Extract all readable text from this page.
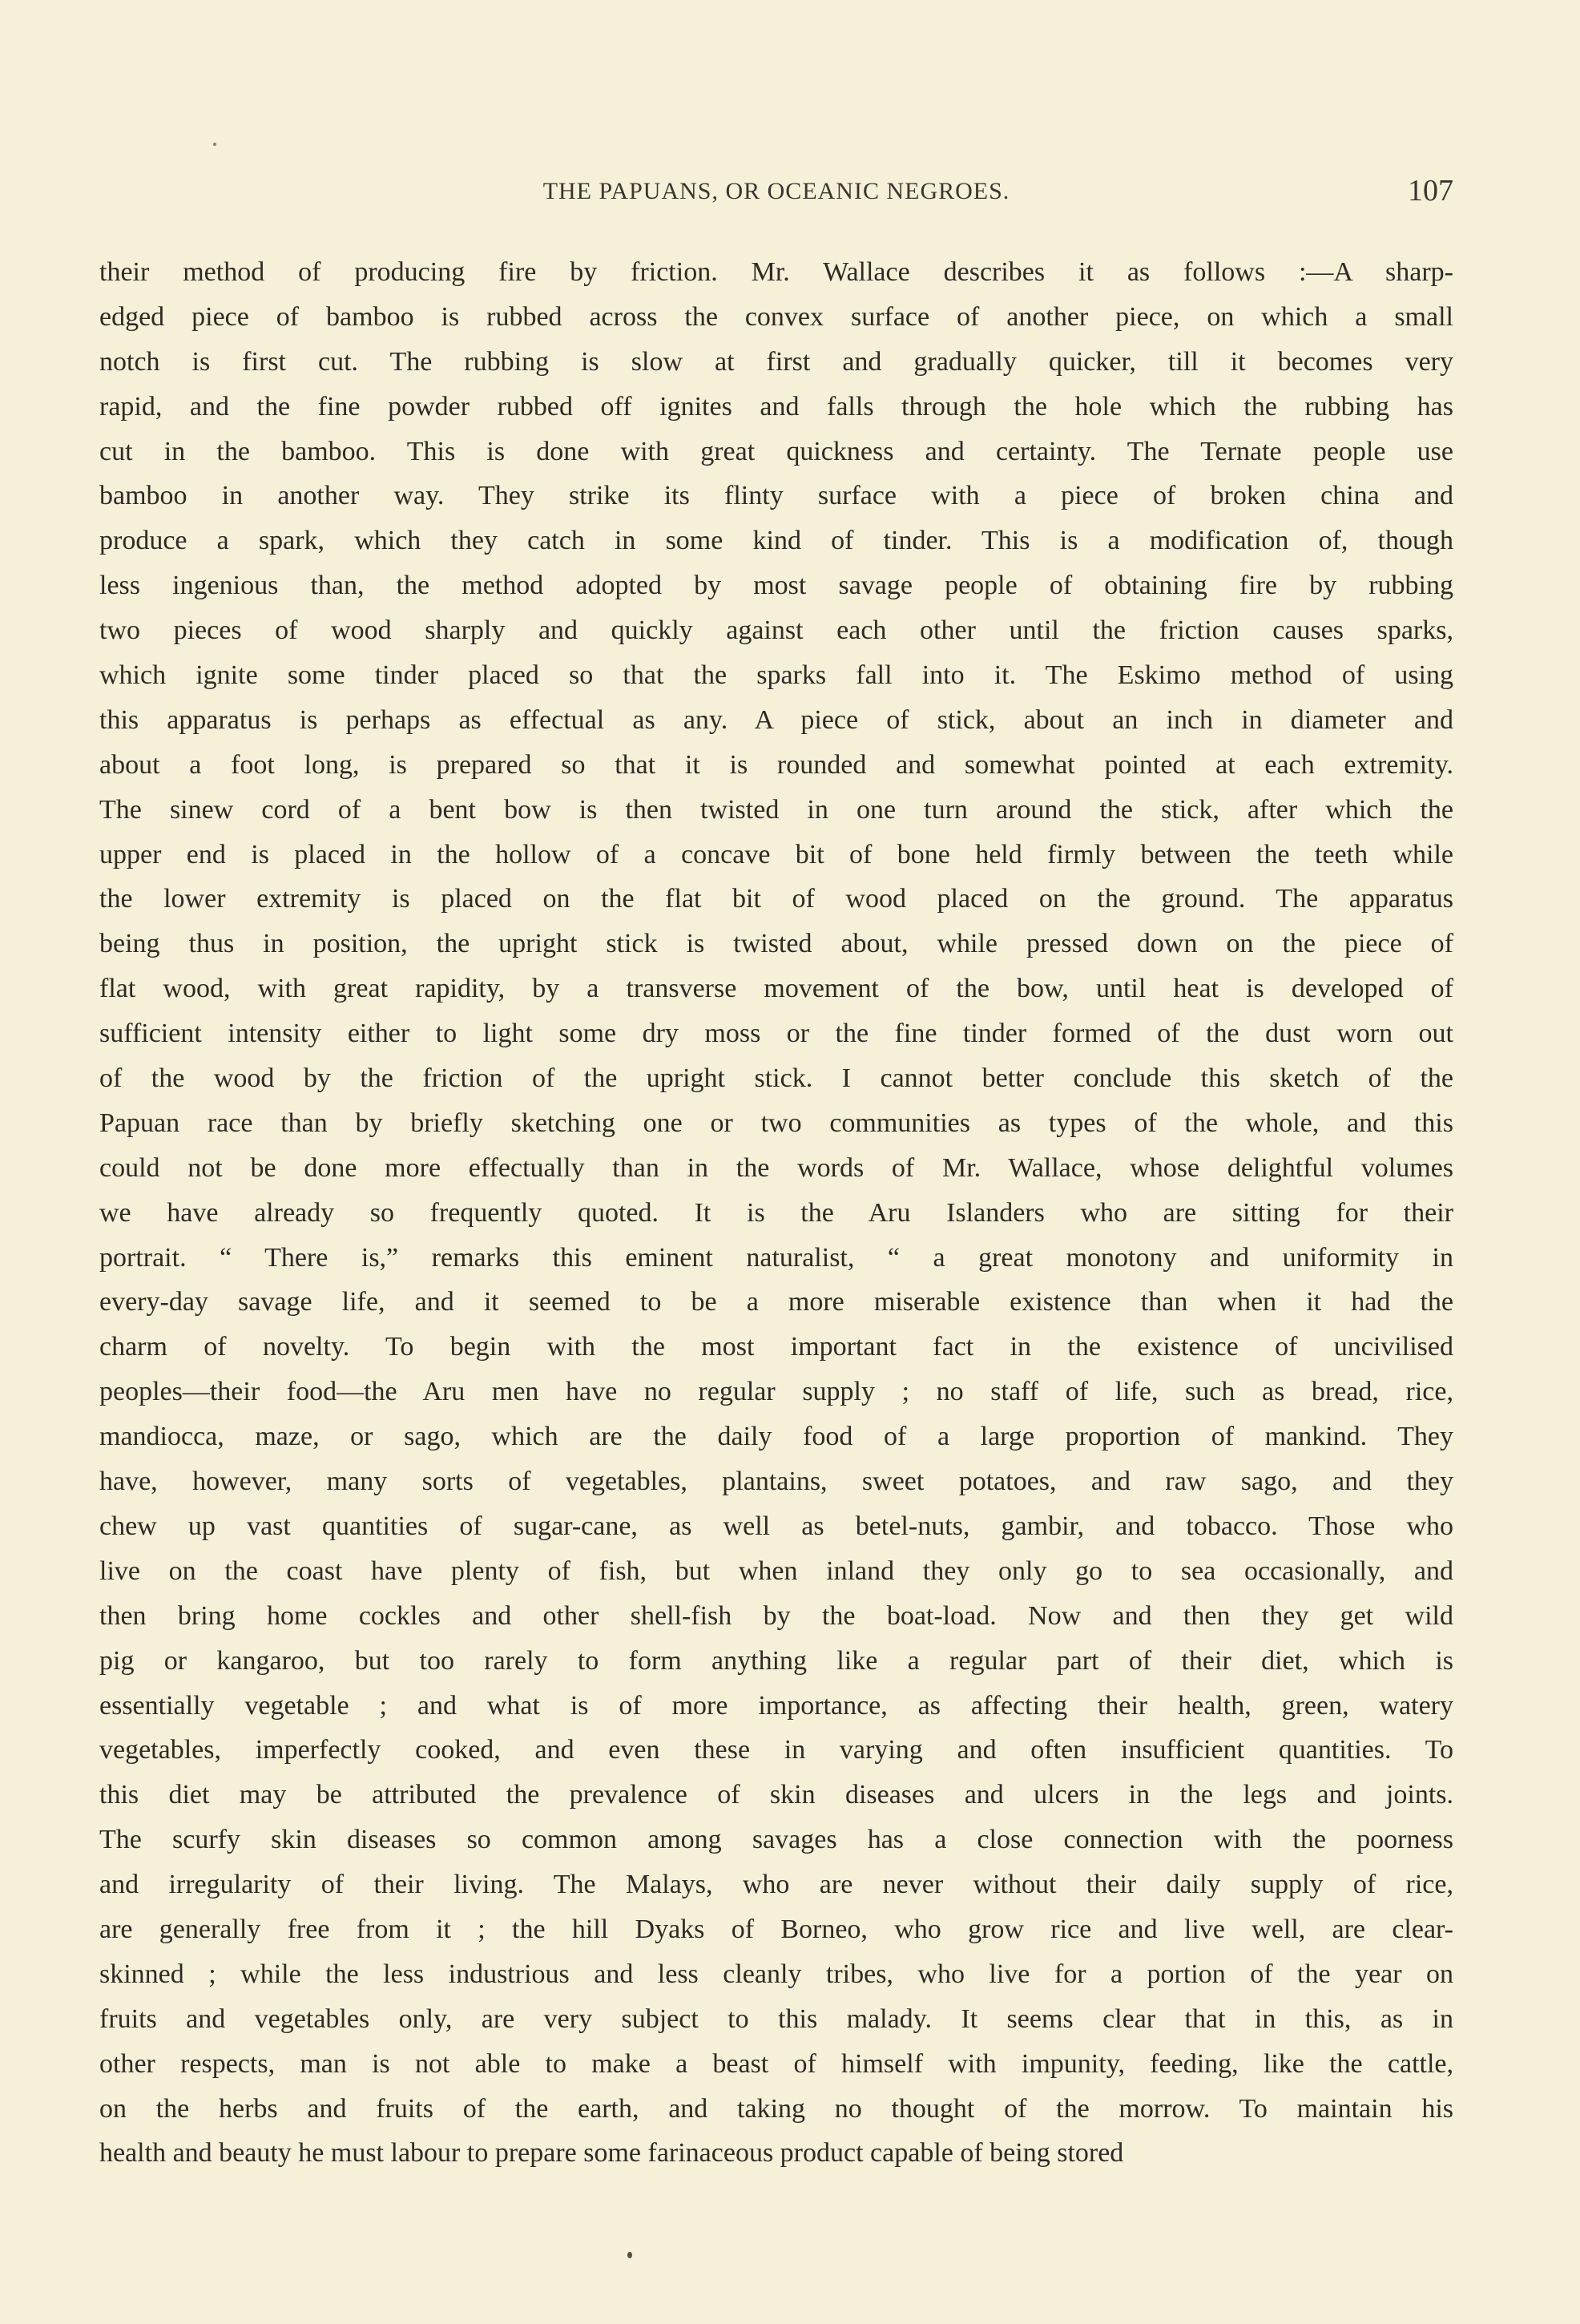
THE PAPUANS, OR OCEANIC NEGROES.	107
their method of producing fire by friction. Mr. Wallace describes it as follows :—A sharp-
edged piece of bamboo is rubbed across the convex surface of another piece, on which a small
notch is first cut. The rubbing is slow at first and gradually quicker, till it becomes very
rapid, and the fine powder rubbed off ignites and falls through the hole which the rubbing has
cut in the bamboo. This is done with great quickness and certainty. The Ternate people use
bamboo in another way. They strike its flinty surface with a piece of broken china and
produce a spark, which they catch in some kind of tinder. This is a modification of, though
less ingenious than, the method adopted by most savage people of obtaining fire by rubbing
two pieces of wood sharply and quickly against each other until the friction causes sparks,
which ignite some tinder placed so that the sparks fall into it. The Eskimo method of using
this apparatus is perhaps as effectual as any. A piece of stick, about an inch in diameter and
about a foot long, is prepared so that it is rounded and somewhat pointed at each extremity.
The sinew cord of a bent bow is then twisted in one turn around the stick, after which the
upper end is placed in the hollow of a concave bit of bone held firmly between the teeth while
the lower extremity is placed on the flat bit of wood placed on the ground. The apparatus
being thus in position, the upright stick is twisted about, while pressed down on the piece of
flat wood, with great rapidity, by a transverse movement of the bow, until heat is developed of
sufficient intensity either to light some dry moss or the fine tinder formed of the dust worn out
of the wood by the friction of the upright stick. I cannot better conclude this sketch of the
Papuan race than by briefly sketching one or two communities as types of the whole, and this
could not be done more effectually than in the words of Mr. Wallace, whose delightful volumes
we have already so frequently quoted. It is the Aru Islanders who are sitting for their
portrait. “ There is,” remarks this eminent naturalist, “ a great monotony and uniformity in
every-day savage life, and it seemed to be a more miserable existence than when it had the
charm of novelty. To begin with the most important fact in the existence of uncivilised
peoples—their food—the Aru men have no regular supply ; no staff of life, such as bread, rice,
mandiocca, maze, or sago, which are the daily food of a large proportion of mankind. They
have, however, many sorts of vegetables, plantains, sweet potatoes, and raw sago, and they
chew up vast quantities of sugar-cane, as well as betel-nuts, gambir, and tobacco. Those who
live on the coast have plenty of fish, but when inland they only go to sea occasionally, and
then bring home cockles and other shell-fish by the boat-load. Now and then they get wild
pig or kangaroo, but too rarely to form anything like a regular part of their diet, which is
essentially vegetable ; and what is of more importance, as affecting their health, green, watery
vegetables, imperfectly cooked, and even these in varying and often insufficient quantities. To
this diet may be attributed the prevalence of skin diseases and ulcers in the legs and joints.
The scurfy skin diseases so common among savages has a close connection with the poorness
and irregularity of their living. The Malays, who are never without their daily supply of rice,
are generally free from it ; the hill Dyaks of Borneo, who grow rice and live well, are clear-
skinned ; while the less industrious and less cleanly tribes, who live for a portion of the year on
fruits and vegetables only, are very subject to this malady. It seems clear that in this, as in
other respects, man is not able to make a beast of himself with impunity, feeding, like the cattle,
on the herbs and fruits of the earth, and taking no thought of the morrow. To maintain his
health and beauty he must labour to prepare some farinaceous product capable of being stored
